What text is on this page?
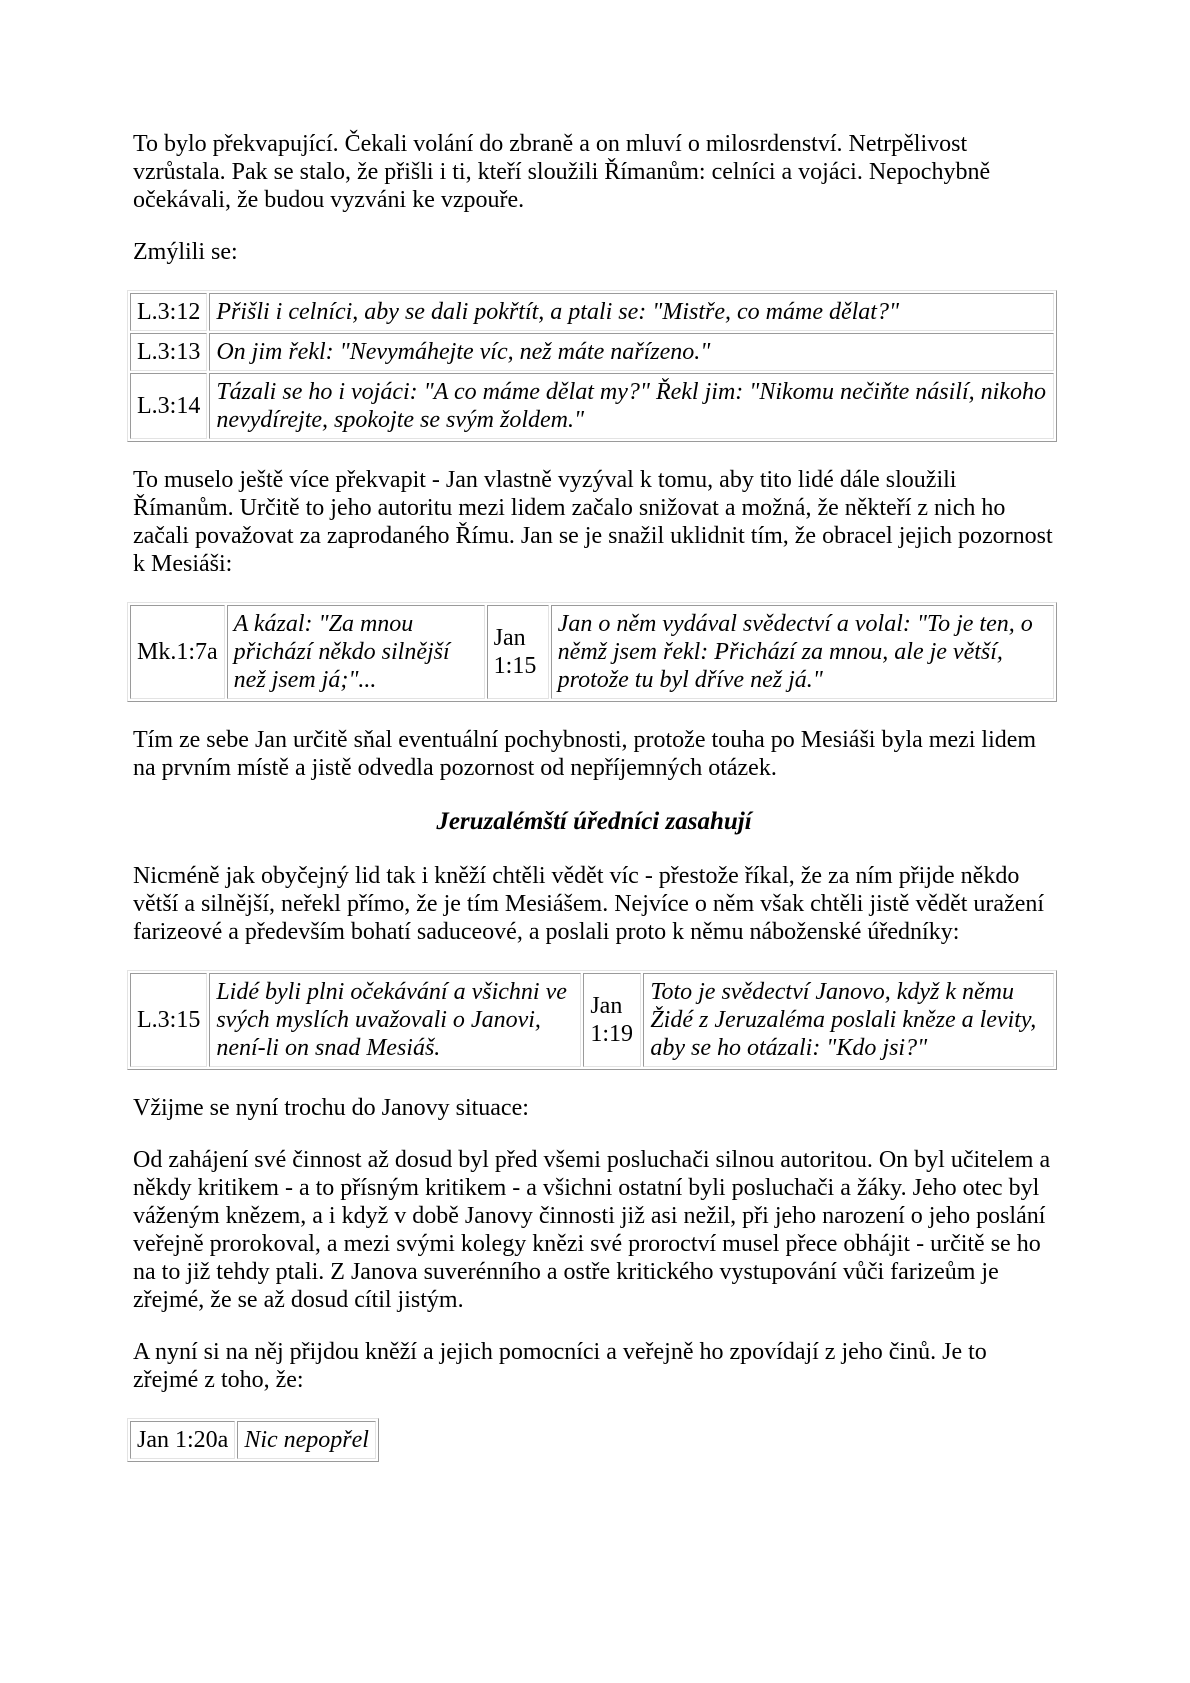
To bylo překvapující. Čekali volání do zbraně a on mluví o milosrdenství. Netrpělivost vzrůstala. Pak se stalo, že přišli i ti, kteří sloužili Římanům: celníci a vojáci. Nepochybně očekávali, že budou vyzváni ke vzpouře.

Zmýlili se:

L.3:12	Přišli i celníci, aby se dali pokřtít, a ptali se: "Mistře, co máme dělat?"
L.3:13	On jim řekl: "Nevymáhejte víc, než máte nařízeno."
L.3:14	Tázali se ho i vojáci: "A co máme dělat my?" Řekl jim: "Nikomu nečiňte násilí, nikoho nevydírejte, spokojte se svým žoldem."

To muselo ještě více překvapit - Jan vlastně vyzýval k tomu, aby tito lidé dále sloužili Římanům. Určitě to jeho autoritu mezi lidem začalo snižovat a možná, že někteří z nich ho začali považovat za zaprodaného Římu. Jan se je snažil uklidnit tím, že obracel jejich pozornost k Mesiáši:

Mk.1:7a	A kázal: "Za mnou přichází někdo silnější než jsem já;"...	Jan 1:15	Jan o něm vydával svědectví a volal: "To je ten, o němž jsem řekl: Přichází za mnou, ale je větší, protože tu byl dříve než já."

Tím ze sebe Jan určitě sňal eventuální pochybnosti, protože touha po Mesiáši byla mezi lidem na prvním místě a jistě odvedla pozornost od nepříjemných otázek.

Jeruzalémští úředníci zasahují

Nicméně jak obyčejný lid tak i kněží chtěli vědět víc - přestože říkal, že za ním přijde někdo větší a silnější, neřekl přímo, že je tím Mesiášem. Nejvíce o něm však chtěli jistě vědět uražení farizeové a především bohatí saduceové, a poslali proto k němu náboženské úředníky:

L.3:15	Lidé byli plni očekávání a všichni ve svých myslích uvažovali o Janovi, není-li on snad Mesiáš.	Jan 1:19	Toto je svědectví Janovo, když k němu Židé z Jeruzaléma poslali kněze a levity, aby se ho otázali: "Kdo jsi?"

Vžijme se nyní trochu do Janovy situace:

Od zahájení své činnost až dosud byl před všemi posluchači silnou autoritou. On byl učitelem a někdy kritikem - a to přísným kritikem - a všichni ostatní byli posluchači a žáky. Jeho otec byl váženým knězem, a i když v době Janovy činnosti již asi nežil, při jeho narození o jeho poslání veřejně prorokoval, a mezi svými kolegy knězi své proroctví musel přece obhájit - určitě se ho na to již tehdy ptali. Z Janova suverénního a ostře kritického vystupování vůči farizeům je zřejmé, že se až dosud cítil jistým.

A nyní si na něj přijdou kněží a jejich pomocníci a veřejně ho zpovídají z jeho činů. Je to zřejmé z toho, že:

Jan 1:20a	Nic nepopřel
